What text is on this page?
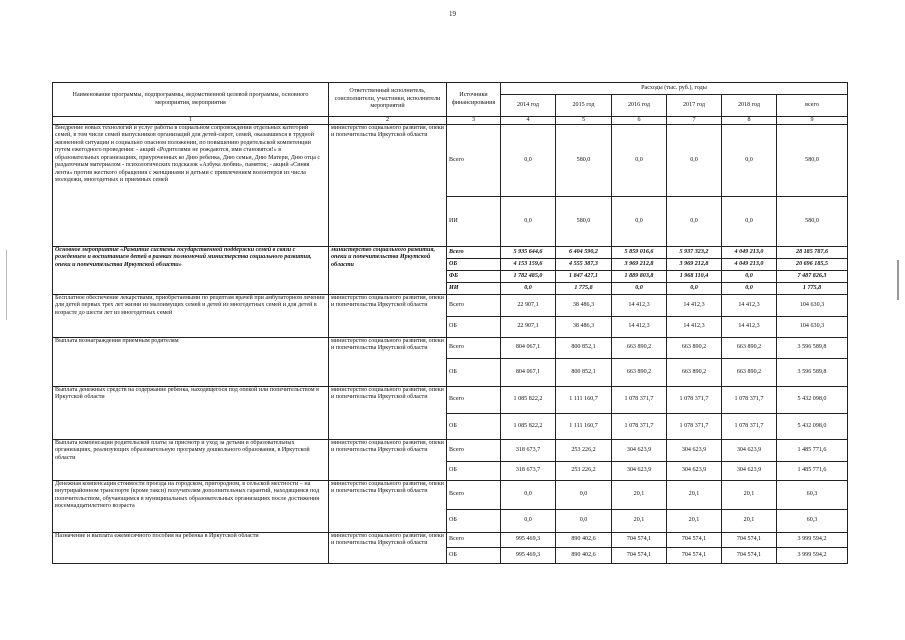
19
Наименование программы, подпрограммы, ведомственной целевой программы, основного мероприятия, мероприятия	Ответственный исполнитель, соисполнители, участники, исполнители мероприятий	Источники финансирования	Расходы (тыс. руб.), годы					
			2014 год	2015 год	2016 год	2017 год	2018 год	всего
1	2	3	4	5	6	7	8	9
Внедрение новых технологий и услуг работы в социальном сопровождении отдельных категорий семей, в том числе семей выпускников организаций для детей-сирот, семей, оказавшихся в трудной жизненной ситуации и социально опасном положении, по повышению родительской компетенции путем ежегодного проведения: - акций «Родителями не рождаются, ими становятся!» в образовательных организациях, приуроченных ко Дню ребенка, Дню семьи, Дню Матери, Дню отца с раздаточным материалом - психологических подсказок «Азбука любви», памяток; - акций «Синяя лента» против жесткого обращения с женщинами и детьми с привлечением волонтеров из числа молодежи, многодетных и приемных семей	министерство социального развития, опеки и попечительства Иркутской области	Всего	0,0	580,0	0,0	0,0	0,0	580,0
		ИИ	0,0	580,0	0,0	0,0	0,0	580,0
Основное мероприятие «Развитие системы государственной поддержки семей в связи с рождением и воспитанием детей в рамках полномочий министерства социального развития, опеки и попечительства Иркутской области»	министерство социального развития, опеки и попечительства Иркутской области	Всего	5 935 644,6	6 404 590,2	5 859 016,6	5 937 323,2	4 049 213,0	28 185 787,6
		ОБ	4 153 159,6	4 555 387,3	3 969 212,8	3 969 212,8	4 049 213,0	20 696 185,5
		ФБ	1 782 485,0	1 847 427,1	1 889 803,8	1 968 110,4	0,0	7 487 826,3
		ИИ	0,0	1 775,8	0,0	0,0	0,0	1 775,8
Бесплатное обеспечение лекарствами, приобретаемыми по рецептам врачей при амбулаторном лечении для детей первых трех лет жизни из малоимущих семей и детей из многодетных семей и для детей в возрасте до шести лет из многодетных семей	министерство социального развития, опеки и попечительства Иркутской области	Всего	22 907,1	38 486,3	14 412,3	14 412,3	14 412,3	104 630,3
		ОБ	22 907,1	38 486,3	14 412,3	14 412,3	14 412,3	104 630,3
Выплата вознаграждения приемным родителям	министерство социального развития, опеки и попечительства Иркутской области	Всего	804 067,1	800 852,1	663 890,2	663 890,2	663 890,2	3 596 589,8
		ОБ	804 067,1	800 852,1	663 890,2	663 890,2	663 890,2	3 596 589,8
Выплата денежных средств на содержание ребенка, находящегося под опекой или попечительством в Иркутской области	министерство социального развития, опеки и попечительства Иркутской области	Всего	1 085 822,2	1 111 160,7	1 078 371,7	1 078 371,7	1 078 371,7	5 432 098,0
		ОБ	1 085 822,2	1 111 160,7	1 078 371,7	1 078 371,7	1 078 371,7	5 432 098,0
Выплата компенсации родительской платы за присмотр и уход за детьми в образовательных организациях, реализующих образовательную программу дошкольного образования, в Иркутской области	министерство социального развития, опеки и попечительства Иркутской области	Всего	318 673,7	253 226,2	304 623,9	304 623,9	304 623,9	1 485 771,6
		ОБ	318 673,7	253 226,2	304 623,9	304 623,9	304 623,9	1 485 771,6
Денежная компенсация стоимости проезда на городском, пригородном, в сельской местности – на внутрирайонном транспорте (кроме такси) получателям дополнительных гарантий, находящимся под попечительством, обучающимся в муниципальных образовательных организациях после достижения восемнадцатилетнего возраста	министерство социального развития, опеки и попечительства Иркутской области	Всего	0,0	0,0	20,1	20,1	20,1	60,3
		ОБ	0,0	0,0	20,1	20,1	20,1	60,3
Назначение и выплата ежемесячного пособия на ребенка в Иркутской области	министерство социального развития, опеки и попечительства Иркутской области	Всего	995 469,3	890 402,6	704 574,1	704 574,1	704 574,1	3 999 594,2
		ОБ	995 469,3	890 402,6	704 574,1	704 574,1	704 574,1	3 999 594,2
